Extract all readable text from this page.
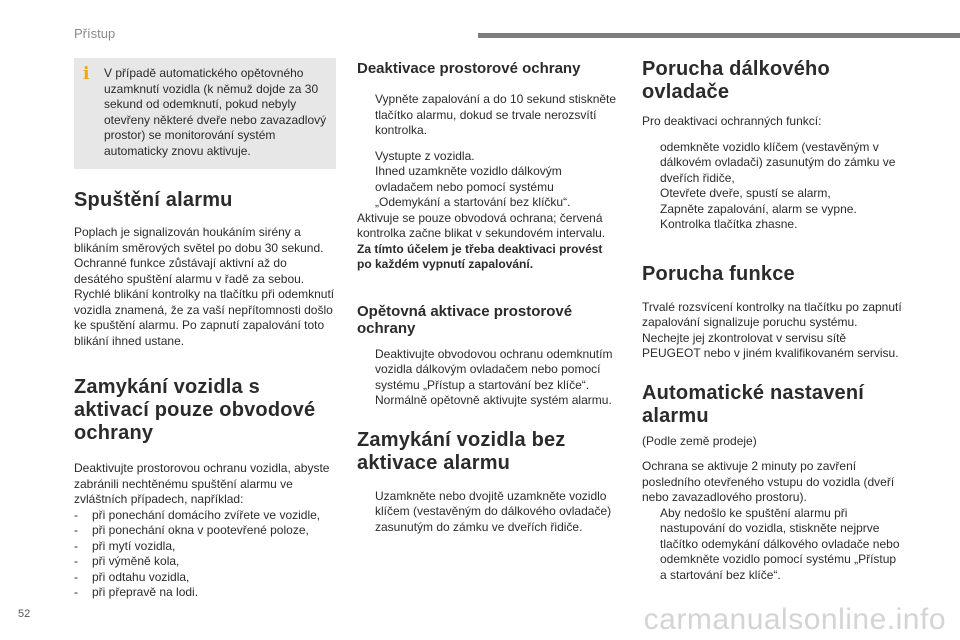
Přístup
i	V případě automatického opětovného uzamknutí vozidla (k němuž dojde za 30 sekund od odemknutí, pokud nebyly otevřeny některé dveře nebo zavazadlový prostor) se monitorování systém automaticky znovu aktivuje.
Spuštění alarmu

Poplach je signalizován houkáním sirény a blikáním směrových světel po dobu 30 sekund. Ochranné funkce zůstávají aktivní až do desátého spuštění alarmu v řadě za sebou. Rychlé blikání kontrolky na tlačítku při odemknutí vozidla znamená, že za vaší nepřítomnosti došlo ke spuštění alarmu. Po zapnutí zapalování toto blikání ihned ustane.

Zamykání vozidla s aktivací pouze obvodové ochrany

Deaktivujte prostorovou ochranu vozidla, abyste zabránili nechtěnému spuštění alarmu ve zvláštních případech, například:

- při ponechání domácího zvířete ve vozidle,
- při ponechání okna v pootevřené poloze,
- při mytí vozidla,
- při výměně kola,
- při odtahu vozidla,
- při přepravě na lodi.
Deaktivace prostorové ochrany
Vypněte zapalování a do 10 sekund stiskněte tlačítko alarmu, dokud se trvale nerozsvítí kontrolka.
Vystupte z vozidla.
Ihned uzamkněte vozidlo dálkovým ovladačem nebo pomocí systému „Odemykání a startování bez klíčku“.

Aktivuje se pouze obvodová ochrana; červená kontrolka začne blikat v sekundovém intervalu.

Za tímto účelem je třeba deaktivaci provést po každém vypnutí zapalování.

Opětovná aktivace prostorové ochrany
Deaktivujte obvodovou ochranu odemknutím vozidla dálkovým ovladačem nebo pomocí systému „Přístup a startování bez klíče“.
Normálně opětovně aktivujte systém alarmu.
Zamykání vozidla bez aktivace alarmu
Uzamkněte nebo dvojitě uzamkněte vozidlo klíčem (vestavěným do dálkového ovladače) zasunutým do zámku ve dveřích řidiče.
Porucha dálkového ovladače

Pro deaktivaci ochranných funkcí:

odemkněte vozidlo klíčem (vestavěným v dálkovém ovladači) zasunutým do zámku ve dveřích řidiče,
Otevřete dveře, spustí se alarm,
Zapněte zapalování, alarm se vypne. Kontrolka tlačítka zhasne.
Porucha funkce

Trvalé rozsvícení kontrolky na tlačítku po zapnutí zapalování signalizuje poruchu systému.

Nechejte jej zkontrolovat v servisu sítě PEUGEOT nebo v jiném kvalifikovaném servisu.

Automatické nastavení alarmu

(Podle země prodeje)

Ochrana se aktivuje 2 minuty po zavření posledního otevřeného vstupu do vozidla (dveří nebo zavazadlového prostoru).

Aby nedošlo ke spuštění alarmu při nastupování do vozidla, stiskněte nejprve tlačítko odemykání dálkového ovladače nebo odemkněte vozidlo pomocí systému „Přístup a startování bez klíče“.
52	carmanualsonline.info
